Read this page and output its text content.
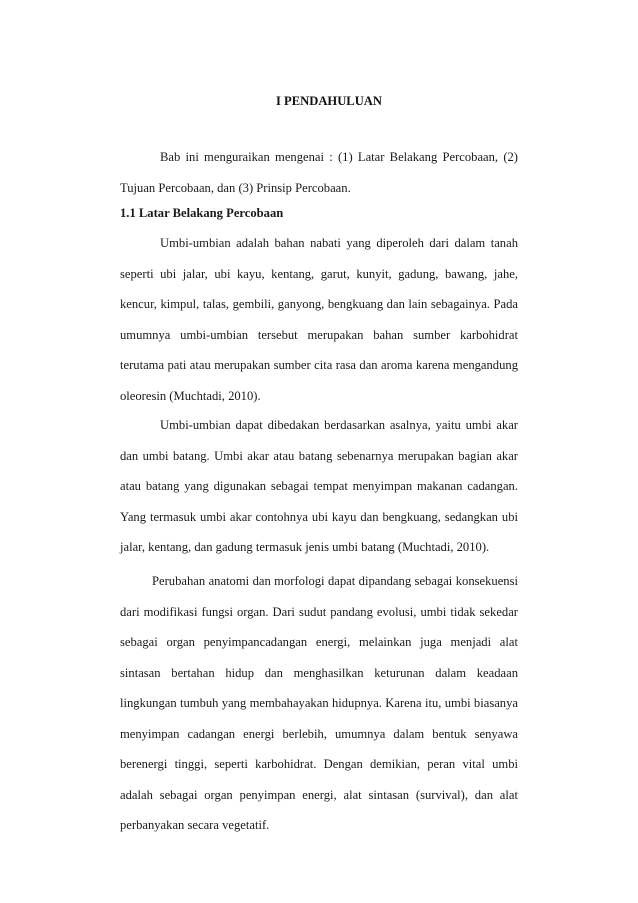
I PENDAHULUAN

Bab ini menguraikan mengenai : (1) Latar Belakang Percobaan, (2) Tujuan Percobaan, dan (3) Prinsip Percobaan.

1.1 Latar Belakang Percobaan

Umbi-umbian adalah bahan nabati yang diperoleh dari dalam tanah seperti ubi jalar, ubi kayu, kentang, garut, kunyit, gadung, bawang, jahe, kencur, kimpul, talas, gembili, ganyong, bengkuang dan lain sebagainya. Pada umumnya umbi-umbian tersebut merupakan bahan sumber karbohidrat terutama pati atau merupakan sumber cita rasa dan aroma karena mengandung oleoresin (Muchtadi, 2010).

Umbi-umbian dapat dibedakan berdasarkan asalnya, yaitu umbi akar dan umbi batang. Umbi akar atau batang sebenarnya merupakan bagian akar atau batang yang digunakan sebagai tempat menyimpan makanan cadangan. Yang termasuk umbi akar contohnya ubi kayu dan bengkuang, sedangkan ubi jalar, kentang, dan gadung termasuk jenis umbi batang (Muchtadi, 2010).

Perubahan anatomi dan morfologi dapat dipandang sebagai konsekuensi dari modifikasi fungsi organ. Dari sudut pandang evolusi, umbi tidak sekedar sebagai organ penyimpancadangan energi, melainkan juga menjadi alat sintasan bertahan hidup dan menghasilkan keturunan dalam keadaan lingkungan tumbuh yang membahayakan hidupnya. Karena itu, umbi biasanya menyimpan cadangan energi berlebih, umumnya dalam bentuk senyawa berenergi tinggi, seperti karbohidrat. Dengan demikian, peran vital umbi adalah sebagai organ penyimpan energi, alat sintasan (survival), dan alat perbanyakan secara vegetatif.
